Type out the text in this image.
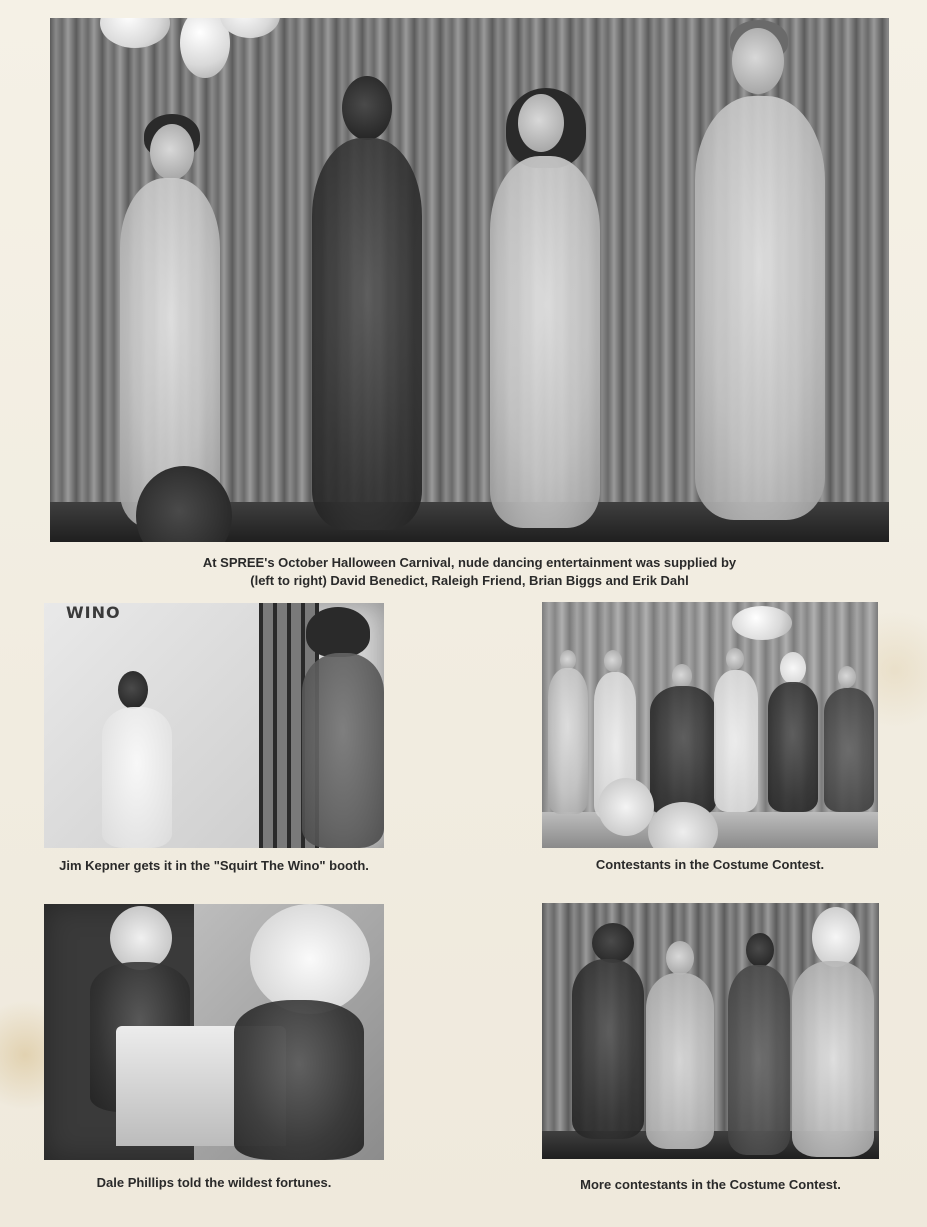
At SPREE's October Halloween Carnival, nude dancing entertainment was supplied by
(left to right) David Benedict, Raleigh Friend, Brian Biggs and Erik Dahl

WINO

Jim Kepner gets it in the "Squirt The Wino" booth.	Contestants in the Costume Contest.

Dale Phillips told the wildest fortunes.	More contestants in the Costume Contest.
